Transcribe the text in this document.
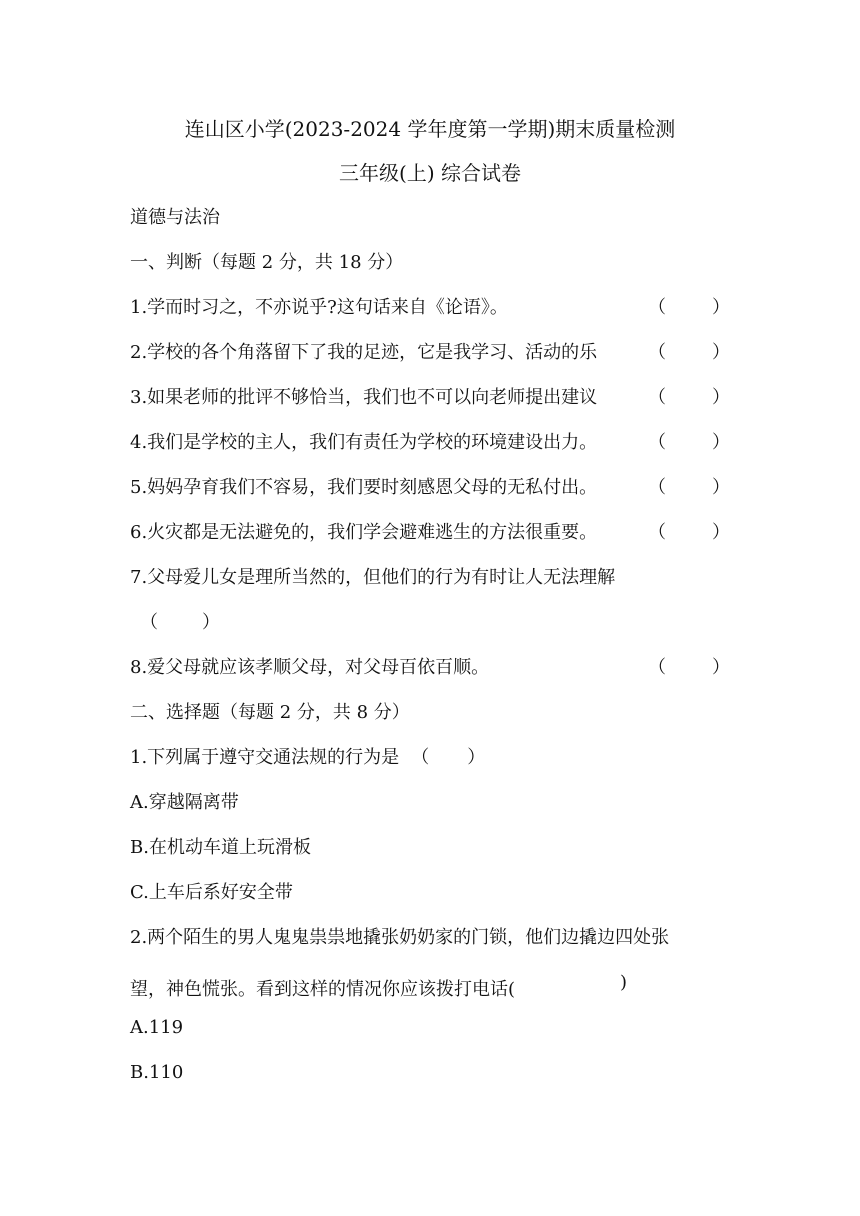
连山区小学(2023-2024 学年度第一学期)期末质量检测
三年级(上) 综合试卷
道德与法治
一、判断（每题 2 分，共 18 分）
1.学而时习之，不亦说乎?这句话来自《论语》。	（	）
2.学校的各个角落留下了我的足迹，它是我学习、活动的乐	（	）
3.如果老师的批评不够恰当，我们也不可以向老师提出建议	（	）
4.我们是学校的主人，我们有责任为学校的环境建设出力。	（	）
5.妈妈孕育我们不容易，我们要时刻感恩父母的无私付出。	（	）
6.火灾都是无法避免的，我们学会避难逃生的方法很重要。	（	）
7.父母爱儿女是理所当然的，但他们的行为有时让人无法理解
（ ）
8.爱父母就应该孝顺父母，对父母百依百顺。	（	）
二、选择题（每题 2 分，共 8 分）
1.下列属于遵守交通法规的行为是 （ ）
A.穿越隔离带
B.在机动车道上玩滑板
C.上车后系好安全带
2.两个陌生的男人鬼鬼祟祟地撬张奶奶家的门锁，他们边撬边四处张
望，神色慌张。看到这样的情况你应该拨打电话(	)
A.119
B.110
